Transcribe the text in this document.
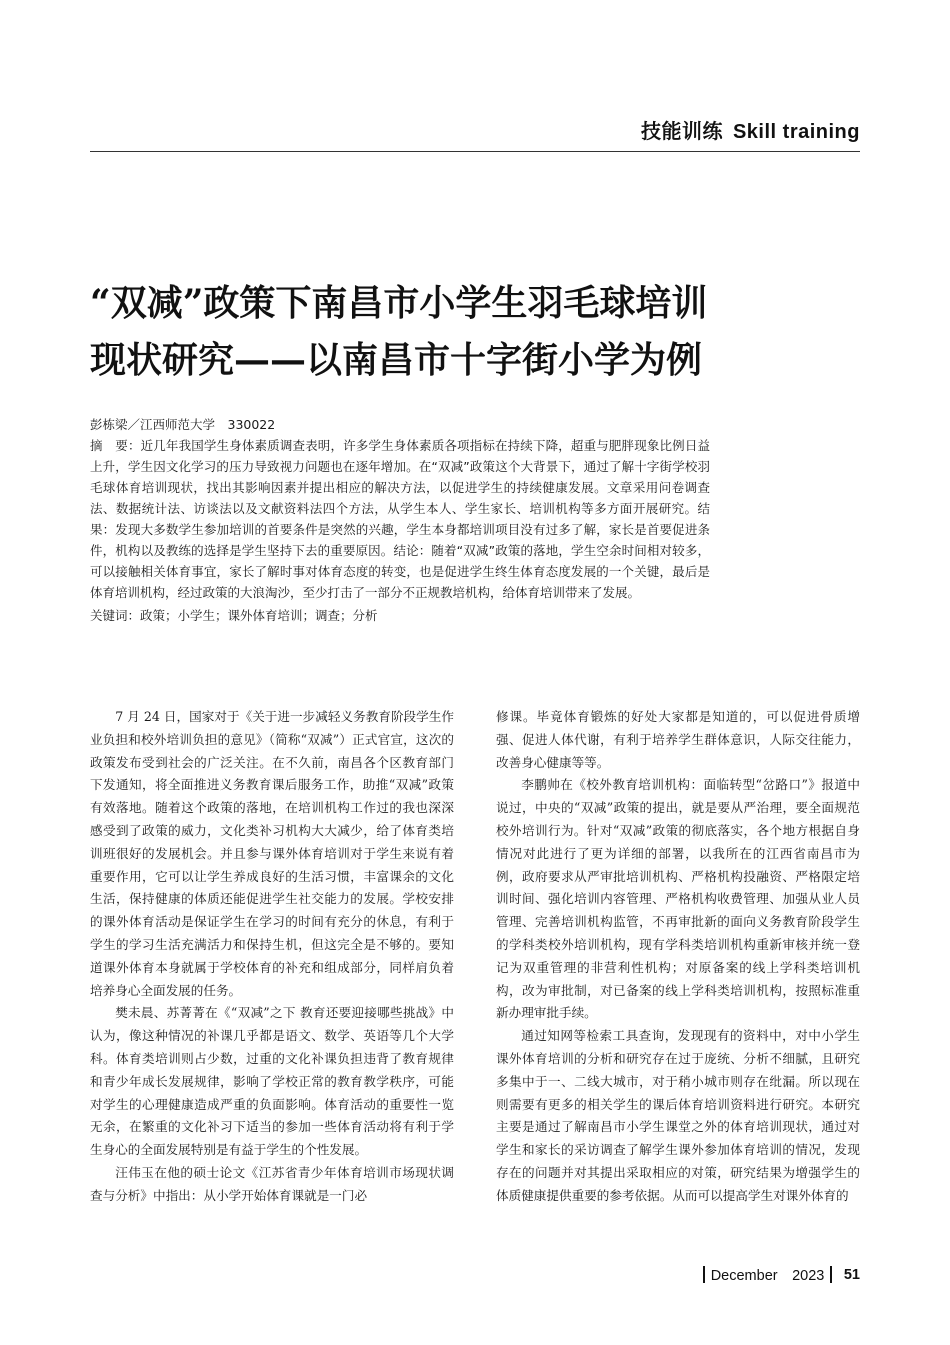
技能训练 Skill training
“双减”政策下南昌市小学生羽毛球培训
现状研究——以南昌市十字街小学为例
彭栋梁／江西师范大学　330022
摘　要：近几年我国学生身体素质调查表明，许多学生身体素质各项指标在持续下降，超重与肥胖现象比例日益上升，学生因文化学习的压力导致视力问题也在逐年增加。在“双减”政策这个大背景下，通过了解十字街学校羽毛球体育培训现状，找出其影响因素并提出相应的解决方法，以促进学生的持续健康发展。文章采用问卷调查法、数据统计法、访谈法以及文献资料法四个方法，从学生本人、学生家长、培训机构等多方面开展研究。结果：发现大多数学生参加培训的首要条件是突然的兴趣，学生本身都培训项目没有过多了解，家长是首要促进条件，机构以及教练的选择是学生坚持下去的重要原因。结论：随着“双减”政策的落地，学生空余时间相对较多，可以接触相关体育事宜，家长了解时事对体育态度的转变，也是促进学生终生体育态度发展的一个关键，最后是体育培训机构，经过政策的大浪淘沙，至少打击了一部分不正规教培机构，给体育培训带来了发展。
关键词：政策；小学生；课外体育培训；调查；分析

7 月 24 日，国家对于《关于进一步减轻义务教育阶段学生作业负担和校外培训负担的意见》（简称“双减”）正式官宣，这次的政策发布受到社会的广泛关注。在不久前，南昌各个区教育部门下发通知，将全面推进义务教育课后服务工作，助推“双减”政策有效落地。随着这个政策的落地，在培训机构工作过的我也深深感受到了政策的威力，文化类补习机构大大减少，给了体育类培训班很好的发展机会。并且参与课外体育培训对于学生来说有着重要作用，它可以让学生养成良好的生活习惯，丰富课余的文化生活，保持健康的体质还能促进学生社交能力的发展。学校安排的课外体育活动是保证学生在学习的时间有充分的休息，有利于学生的学习生活充满活力和保持生机，但这完全是不够的。要知道课外体育本身就属于学校体育的补充和组成部分，同样肩负着培养身心全面发展的任务。

樊未晨、苏菁菁在《“双减”之下 教育还要迎接哪些挑战》中认为，像这种情况的补课几乎都是语文、数学、英语等几个大学科。体育类培训则占少数，过重的文化补课负担违背了教育规律和青少年成长发展规律，影响了学校正常的教育教学秩序，可能对学生的心理健康造成严重的负面影响。体育活动的重要性一览无余，在繁重的文化补习下适当的参加一些体育活动将有利于学生身心的全面发展特别是有益于学生的个性发展。

汪伟玉在他的硕士论文《江苏省青少年体育培训市场现状调查与分析》中指出：从小学开始体育课就是一门必

修课。毕竟体育锻炼的好处大家都是知道的，可以促进骨质增强、促进人体代谢，有利于培养学生群体意识，人际交往能力，改善身心健康等等。

李鹏帅在《校外教育培训机构：面临转型“岔路口”》报道中说过，中央的“双减”政策的提出，就是要从严治理，要全面规范校外培训行为。针对“双减”政策的彻底落实，各个地方根据自身情况对此进行了更为详细的部署，以我所在的江西省南昌市为例，政府要求从严审批培训机构、严格机构投融资、严格限定培训时间、强化培训内容管理、严格机构收费管理、加强从业人员管理、完善培训机构监管，不再审批新的面向义务教育阶段学生的学科类校外培训机构，现有学科类培训机构重新审核并统一登记为双重管理的非营利性机构；对原备案的线上学科类培训机构，改为审批制，对已备案的线上学科类培训机构，按照标准重新办理审批手续。

通过知网等检索工具查询，发现现有的资料中，对中小学生课外体育培训的分析和研究存在过于庞统、分析不细腻，且研究多集中于一、二线大城市，对于稍小城市则存在纰漏。所以现在则需要有更多的相关学生的课后体育培训资料进行研究。本研究主要是通过了解南昌市小学生课堂之外的体育培训现状，通过对学生和家长的采访调查了解学生课外参加体育培训的情况，发现存在的问题并对其提出采取相应的对策，研究结果为增强学生的体质健康提供重要的参考依据。从而可以提高学生对课外体育的

December　2023 51
